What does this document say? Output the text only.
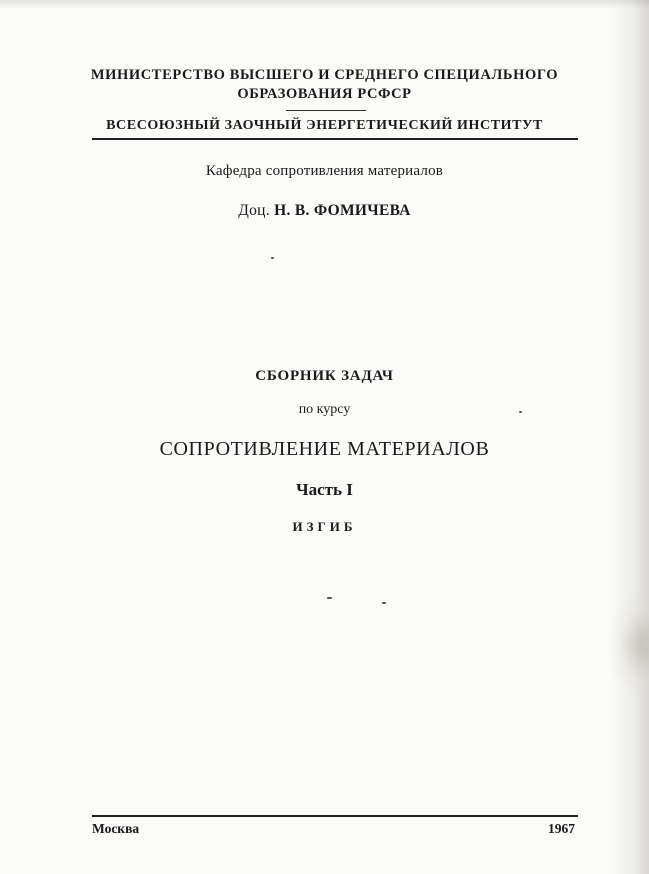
МИНИСТЕРСТВО ВЫСШЕГО И СРЕДНЕГО СПЕЦИАЛЬНОГО
ОБРАЗОВАНИЯ РСФСР
ВСЕСОЮЗНЫЙ ЗАОЧНЫЙ ЭНЕРГЕТИЧЕСКИЙ ИНСТИТУТ
Кафедра сопротивления материалов
Доц. Н. В. ФОМИЧЕВА
СБОРНИК ЗАДАЧ
по курсу
СОПРОТИВЛЕНИЕ МАТЕРИАЛОВ
Часть I
ИЗГИБ
Москва	1967
